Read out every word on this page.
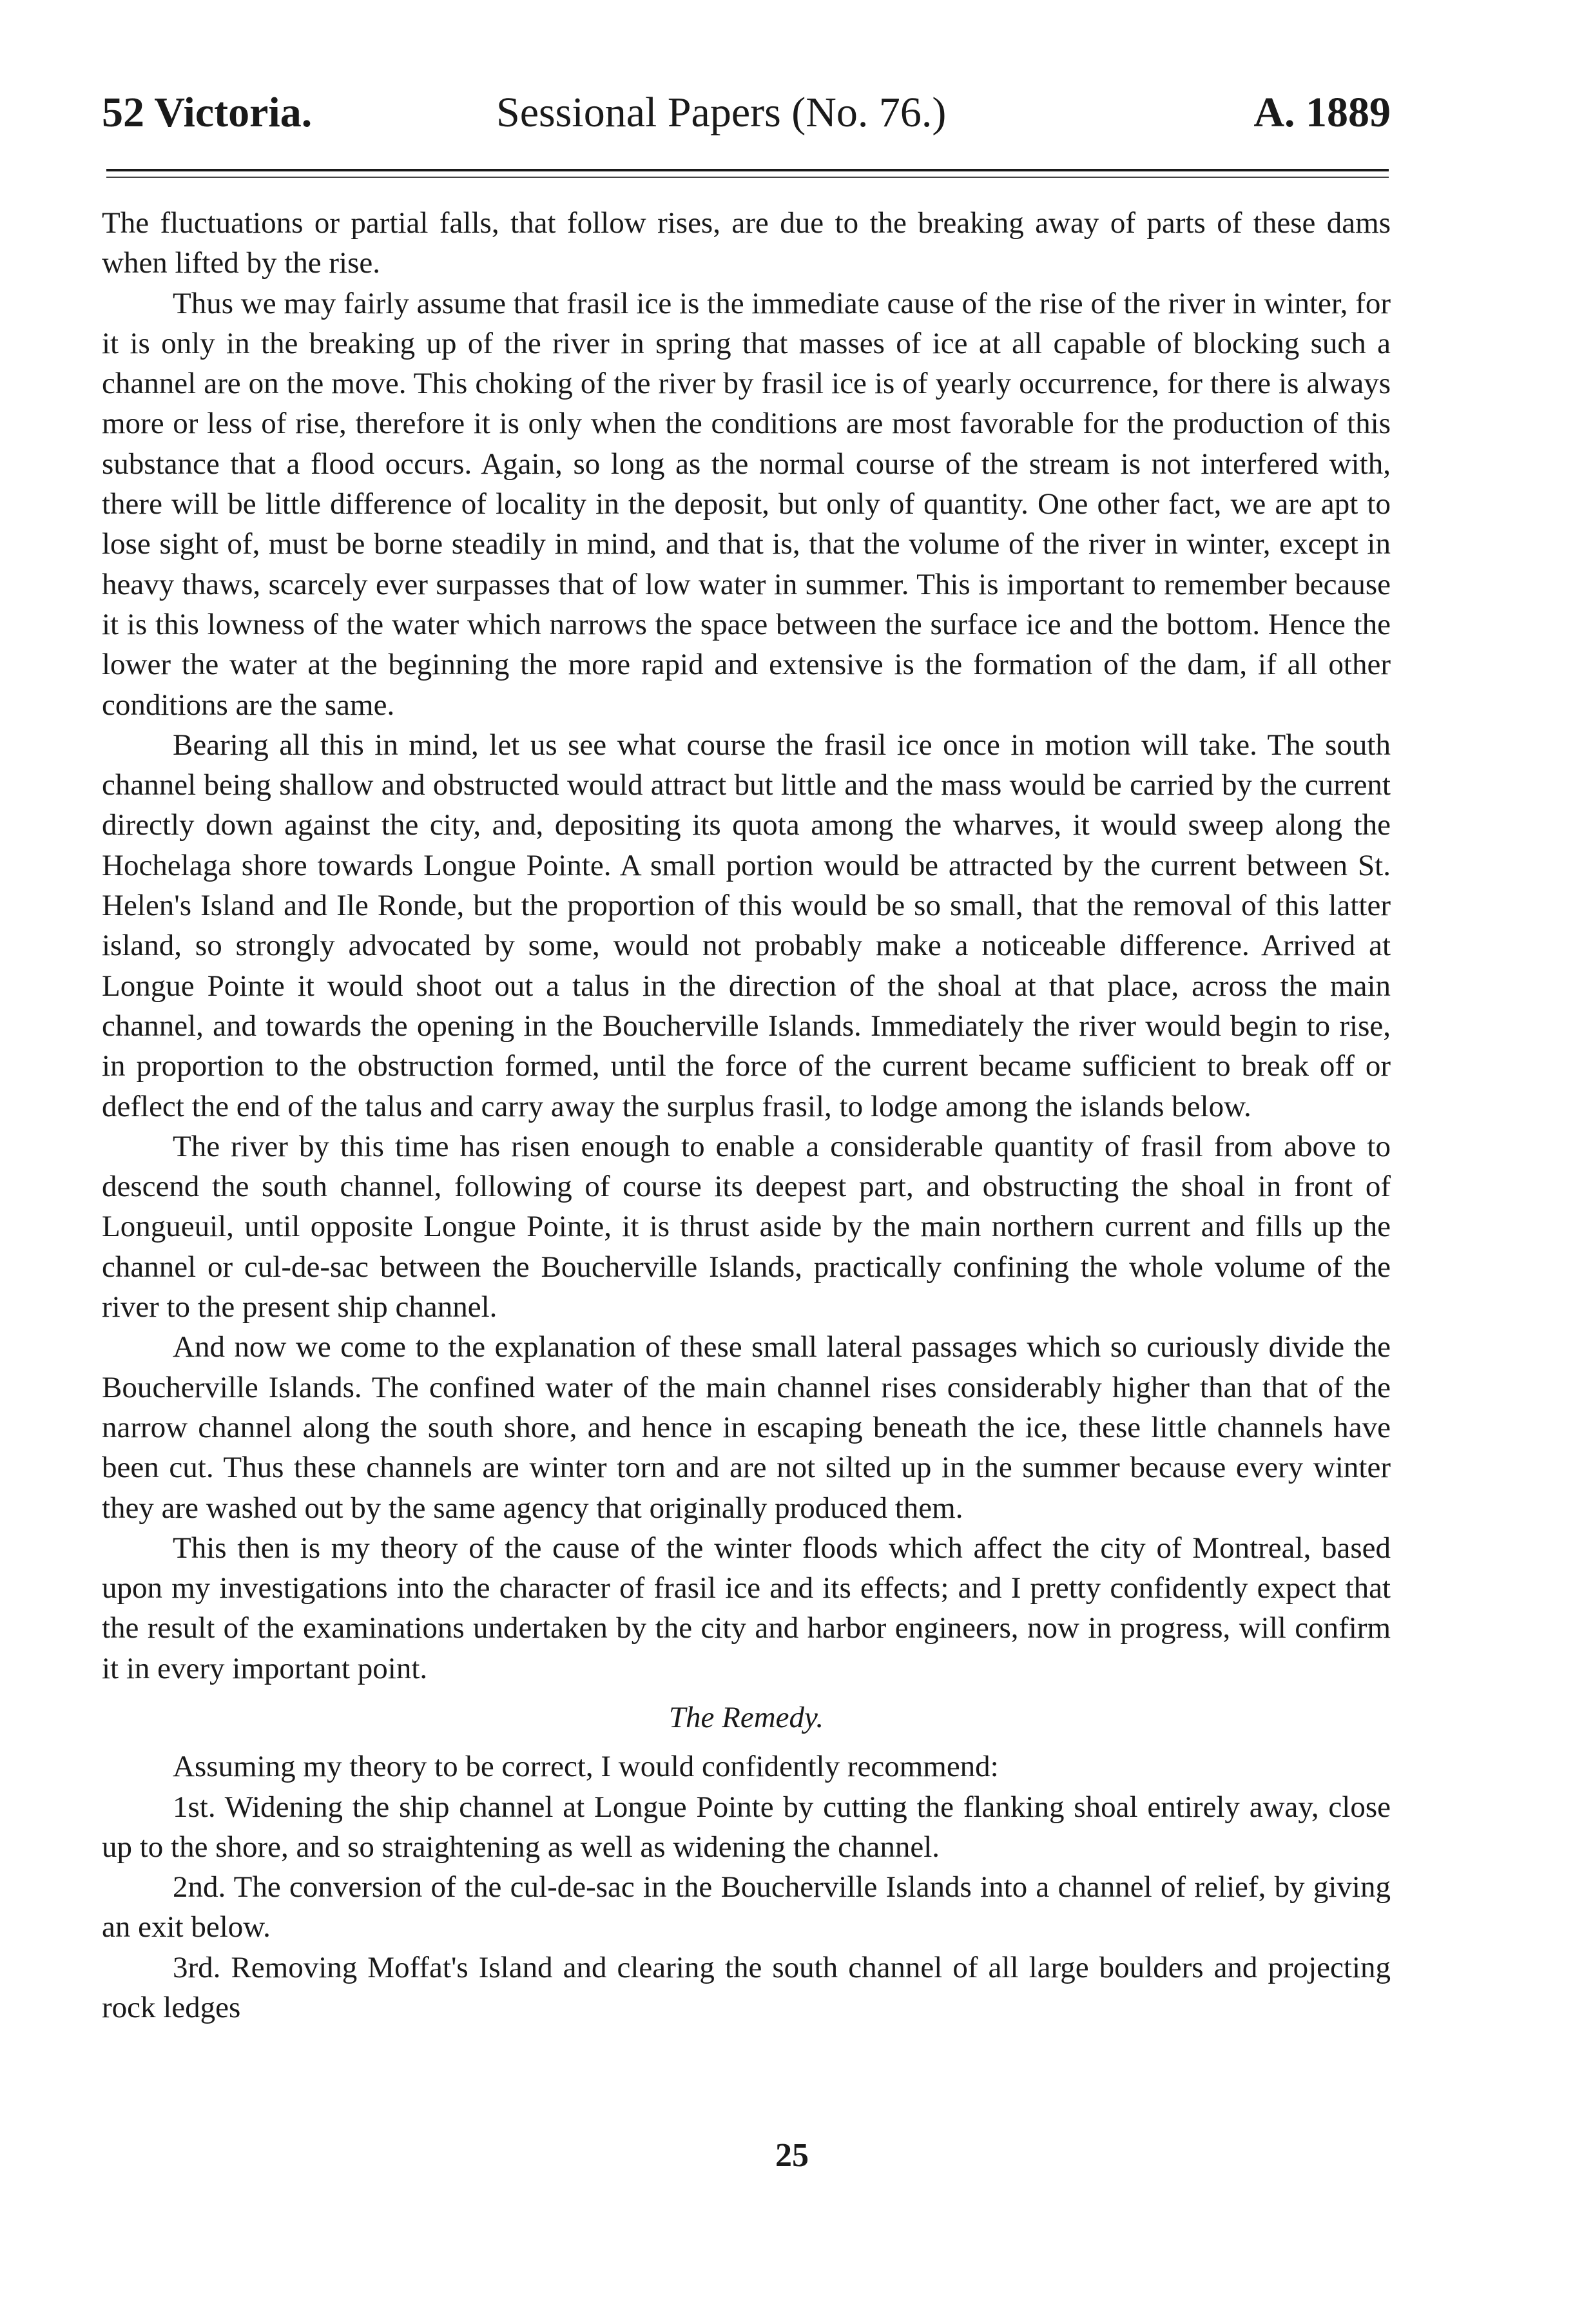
52 Victoria.	Sessional Papers (No. 76.)	A. 1889

The fluctuations or partial falls, that follow rises, are due to the breaking away of parts of these dams when lifted by the rise.

Thus we may fairly assume that frasil ice is the immediate cause of the rise of the river in winter, for it is only in the breaking up of the river in spring that masses of ice at all capable of blocking such a channel are on the move. This choking of the river by frasil ice is of yearly occurrence, for there is always more or less of rise, therefore it is only when the conditions are most favorable for the production of this substance that a flood occurs. Again, so long as the normal course of the stream is not interfered with, there will be little difference of locality in the deposit, but only of quantity. One other fact, we are apt to lose sight of, must be borne steadily in mind, and that is, that the volume of the river in winter, except in heavy thaws, scarcely ever surpasses that of low water in summer. This is important to remember because it is this lowness of the water which narrows the space between the surface ice and the bottom. Hence the lower the water at the beginning the more rapid and extensive is the formation of the dam, if all other conditions are the same.

Bearing all this in mind, let us see what course the frasil ice once in motion will take. The south channel being shallow and obstructed would attract but little and the mass would be carried by the current directly down against the city, and, depositing its quota among the wharves, it would sweep along the Hochelaga shore towards Longue Pointe. A small portion would be attracted by the current between St. Helen's Island and Ile Ronde, but the proportion of this would be so small, that the removal of this latter island, so strongly advocated by some, would not probably make a noticeable difference. Arrived at Longue Pointe it would shoot out a talus in the direction of the shoal at that place, across the main channel, and towards the opening in the Boucherville Islands. Immediately the river would begin to rise, in proportion to the obstruction formed, until the force of the current became sufficient to break off or deflect the end of the talus and carry away the surplus frasil, to lodge among the islands below.

The river by this time has risen enough to enable a considerable quantity of frasil from above to descend the south channel, following of course its deepest part, and obstructing the shoal in front of Longueuil, until opposite Longue Pointe, it is thrust aside by the main northern current and fills up the channel or cul-de-sac between the Boucherville Islands, practically confining the whole volume of the river to the present ship channel.

And now we come to the explanation of these small lateral passages which so curiously divide the Boucherville Islands. The confined water of the main channel rises considerably higher than that of the narrow channel along the south shore, and hence in escaping beneath the ice, these little channels have been cut. Thus these channels are winter torn and are not silted up in the summer because every winter they are washed out by the same agency that originally produced them.

This then is my theory of the cause of the winter floods which affect the city of Montreal, based upon my investigations into the character of frasil ice and its effects; and I pretty confidently expect that the result of the examinations undertaken by the city and harbor engineers, now in progress, will confirm it in every important point.

The Remedy.

Assuming my theory to be correct, I would confidently recommend:

1st. Widening the ship channel at Longue Pointe by cutting the flanking shoal entirely away, close up to the shore, and so straightening as well as widening the channel.

2nd. The conversion of the cul-de-sac in the Boucherville Islands into a channel of relief, by giving an exit below.

3rd. Removing Moffat's Island and clearing the south channel of all large boulders and projecting rock ledges

25
